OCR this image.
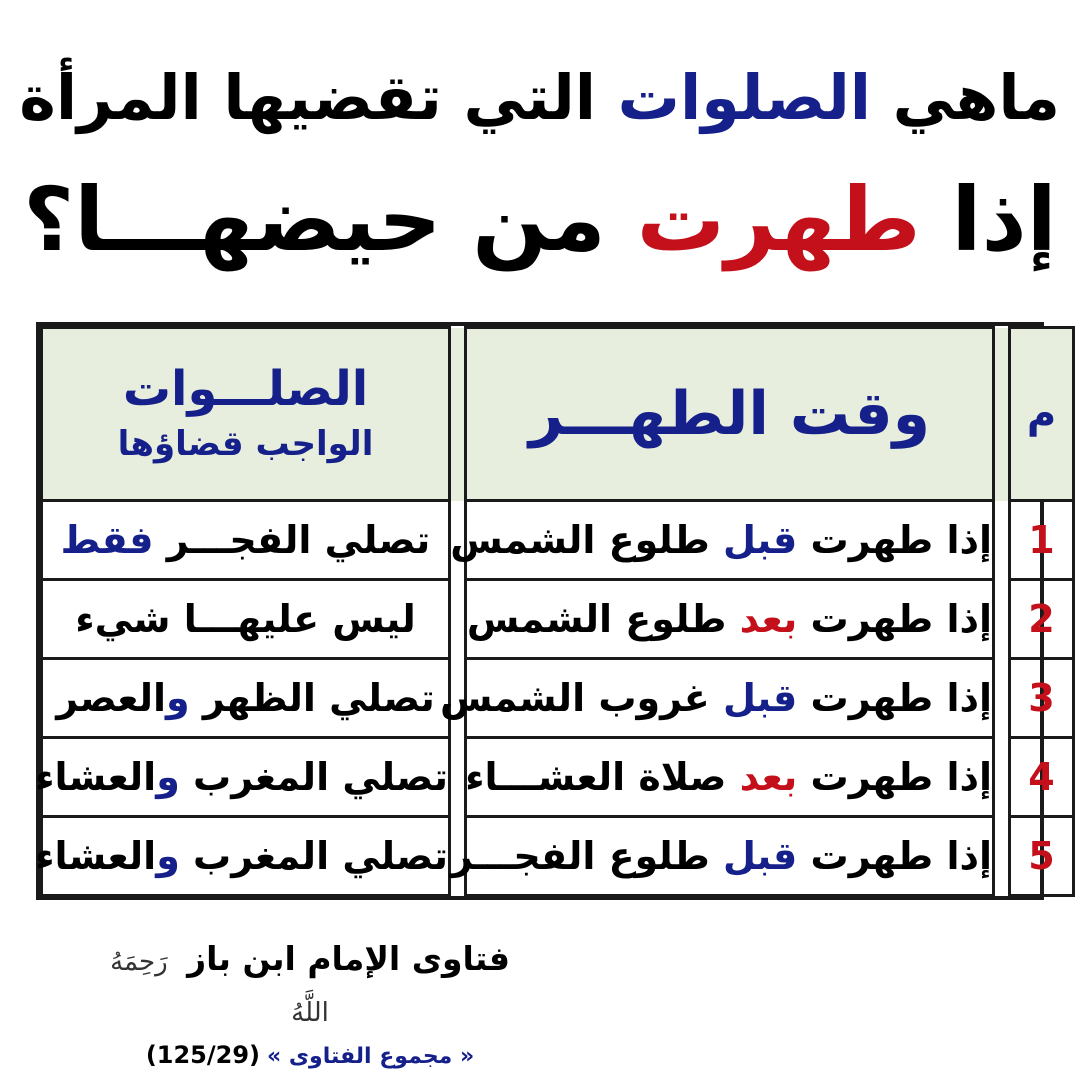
ماهي الصلوات التي تقضيها المرأة
إذا طهرت من حيضهـــا؟
م		وقت الطهـــر		الصلـــوات
الواجب قضاؤها

1		إذا طهرت قبل طلوع الشمس		تصلي الفجـــر فقط
2		إذا طهرت بعد طلوع الشمس		ليس عليهـــا شيء
3		إذا طهرت قبل غروب الشمس		تصلي الظهر والعصر
4		إذا طهرت بعد صلاة العشـــاء		تصلي المغرب والعشاء
5		إذا طهرت قبل طلوع الفجـــر		تصلي المغرب والعشاء
فتاوى الإمام ابن باز رَحِمَهُ اللَّهُ
« مجموع الفتاوى » (125/29)
